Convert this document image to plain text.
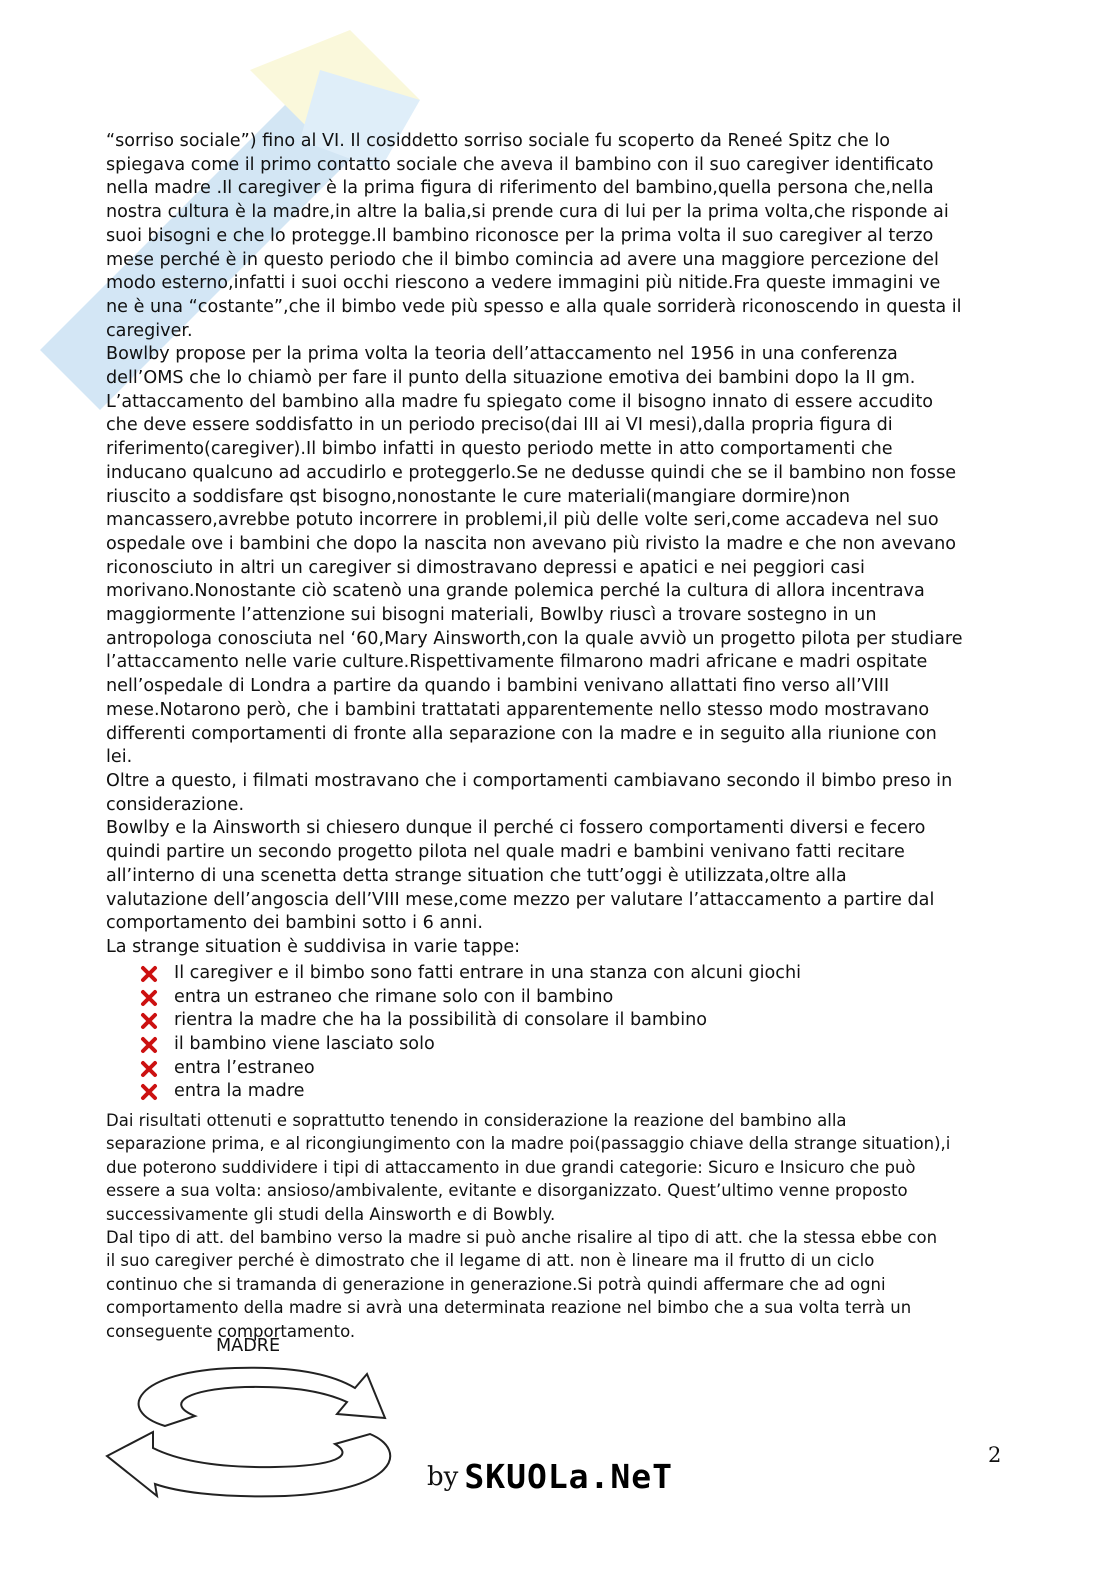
“sorriso sociale”) fino al VI. Il cosiddetto sorriso sociale fu scoperto da Reneé Spitz che lo
spiegava come il primo contatto sociale che aveva il bambino con il suo caregiver identificato
nella madre .Il caregiver è la prima figura di riferimento del bambino,quella persona che,nella
nostra cultura è la madre,in altre la balia,si prende cura di lui per la prima volta,che risponde ai
suoi bisogni e che lo protegge.Il bambino riconosce per la prima volta il suo caregiver al terzo
mese perché è in questo periodo che il bimbo comincia ad avere una maggiore percezione del
modo esterno,infatti i suoi occhi riescono a vedere immagini più nitide.Fra queste immagini ve
ne è una “costante”,che il bimbo vede più spesso e alla quale sorriderà riconoscendo in questa il
caregiver.
Bowlby propose per la prima volta la teoria dell’attaccamento nel 1956 in una conferenza
dell’OMS che lo chiamò per fare il punto della situazione emotiva dei bambini dopo la II gm.
L’attaccamento del bambino alla madre fu spiegato come il bisogno innato di essere accudito
che deve essere soddisfatto in un periodo preciso(dai III ai VI mesi),dalla propria figura di
riferimento(caregiver).Il bimbo infatti in questo periodo mette in atto comportamenti che
inducano qualcuno ad accudirlo e proteggerlo.Se ne dedusse quindi che se il bambino non fosse
riuscito a soddisfare qst bisogno,nonostante le cure materiali(mangiare dormire)non
mancassero,avrebbe potuto incorrere in problemi,il più delle volte seri,come accadeva nel suo
ospedale ove i bambini che dopo la nascita non avevano più rivisto la madre e che non avevano
riconosciuto in altri un caregiver si dimostravano depressi e apatici e nei peggiori casi
morivano.Nonostante ciò scatenò una grande polemica perché la cultura di allora incentrava
maggiormente l’attenzione sui bisogni materiali, Bowlby riuscì a trovare sostegno in un
antropologa conosciuta nel ‘60,Mary Ainsworth,con la quale avviò un progetto pilota per studiare
l’attaccamento nelle varie culture.Rispettivamente filmarono madri africane e madri ospitate
nell’ospedale di Londra a partire da quando i bambini venivano allattati fino verso all’VIII
mese.Notarono però, che i bambini trattatati apparentemente nello stesso modo mostravano
differenti comportamenti di fronte alla separazione con la madre e in seguito alla riunione con
lei.
Oltre a questo, i filmati mostravano che i comportamenti cambiavano secondo il bimbo preso in
considerazione.
Bowlby e la Ainsworth si chiesero dunque il perché ci fossero comportamenti diversi e fecero
quindi partire un secondo progetto pilota nel quale madri e bambini venivano fatti recitare
all’interno di una scenetta detta strange situation che tutt’oggi è utilizzata,oltre alla
valutazione dell’angoscia dell’VIII mese,come mezzo per valutare l’attaccamento a partire dal
comportamento dei bambini sotto i 6 anni.
La strange situation è suddivisa in varie tappe:
Il caregiver e il bimbo sono fatti entrare in una stanza con alcuni giochi
entra un estraneo che rimane solo con il bambino
rientra la madre che ha la possibilità di consolare il bambino
il bambino viene lasciato solo
entra l’estraneo
entra la madre
Dai risultati ottenuti e soprattutto tenendo in considerazione la reazione del bambino alla
separazione prima, e al ricongiungimento con la madre poi(passaggio chiave della strange situation),i
due poterono suddividere i tipi di attaccamento in due grandi categorie: Sicuro e Insicuro che può
essere a sua volta: ansioso/ambivalente, evitante e disorganizzato. Quest’ultimo venne proposto
successivamente gli studi della Ainsworth e di Bowbly.
Dal tipo di att. del bambino verso la madre si può anche risalire al tipo di att. che la stessa ebbe con
il suo caregiver perché è dimostrato che il legame di att. non è lineare ma il frutto di un ciclo
continuo che si tramanda di generazione in generazione.Si potrà quindi affermare che ad ogni
comportamento della madre si avrà una determinata reazione nel bimbo che a sua volta terrà un
conseguente comportamento.
MADRE
2
by SKUOLa.NeT
